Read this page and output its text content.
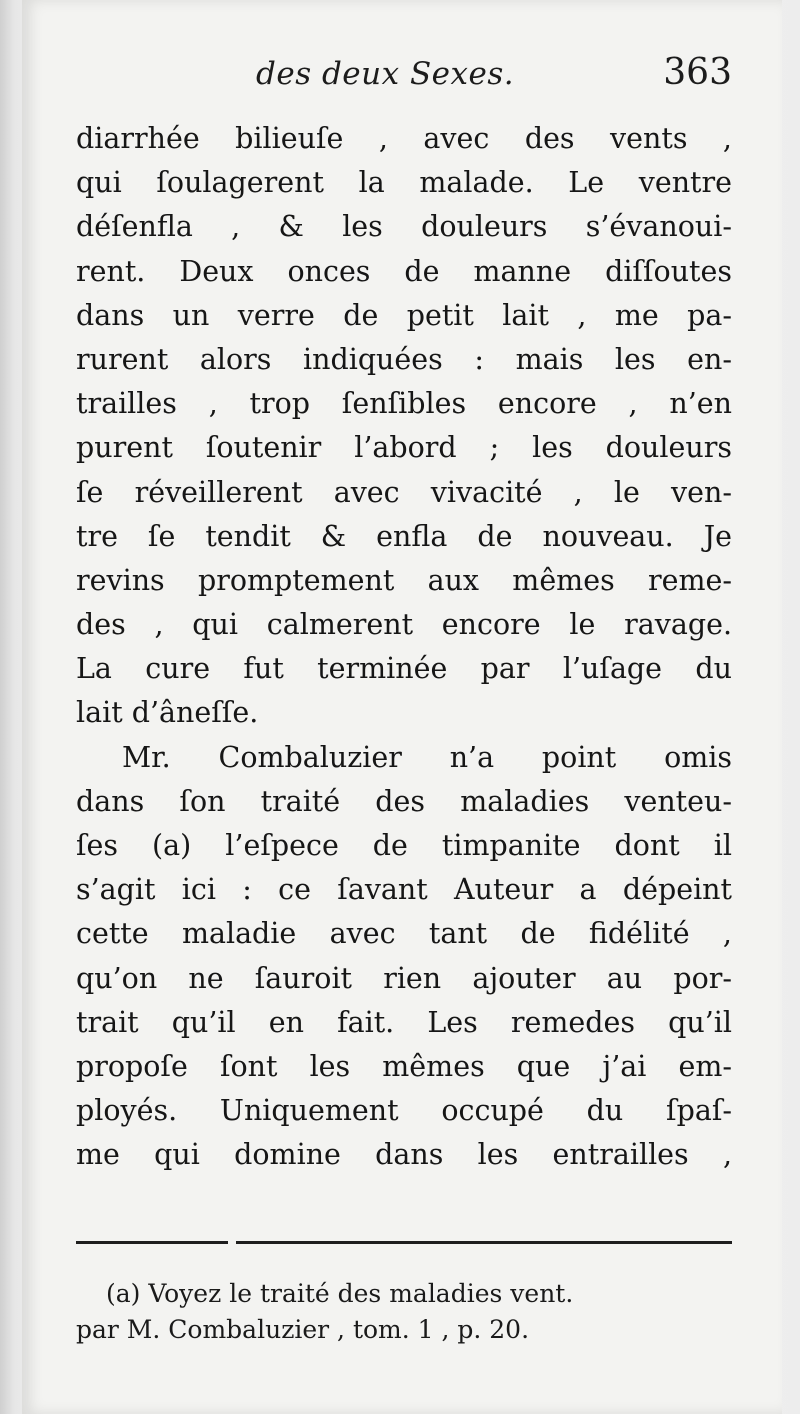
des deux Sexes.	363
diarrhée bilieuſe , avec des vents ,
qui ſoulagerent la malade. Le ventre
déſenfla , & les douleurs s’évanoui-
rent. Deux onces de manne diſſoutes
dans un verre de petit lait , me pa-
rurent alors indiquées : mais les en-
trailles , trop ſenſibles encore , n’en
purent ſoutenir l’abord ; les douleurs
ſe réveillerent avec vivacité , le ven-
tre ſe tendit & enfla de nouveau. Je
revins promptement aux mêmes reme-
des , qui calmerent encore le ravage.
La cure fut terminée par l’uſage du
lait d’âneſſe.
Mr. Combaluzier n’a point omis
dans ſon traité des maladies venteu-
ſes (a) l’eſpece de timpanite dont il
s’agit ici : ce ſavant Auteur a dépeint
cette maladie avec tant de fidélité ,
qu’on ne ſauroit rien ajouter au por-
trait qu’il en fait. Les remedes qu’il
propoſe ſont les mêmes que j’ai em-
ployés. Uniquement occupé du ſpaſ-
me qui domine dans les entrailles ,
(a) Voyez le traité des maladies vent.
par M. Combaluzier , tom. 1 , p. 20.
